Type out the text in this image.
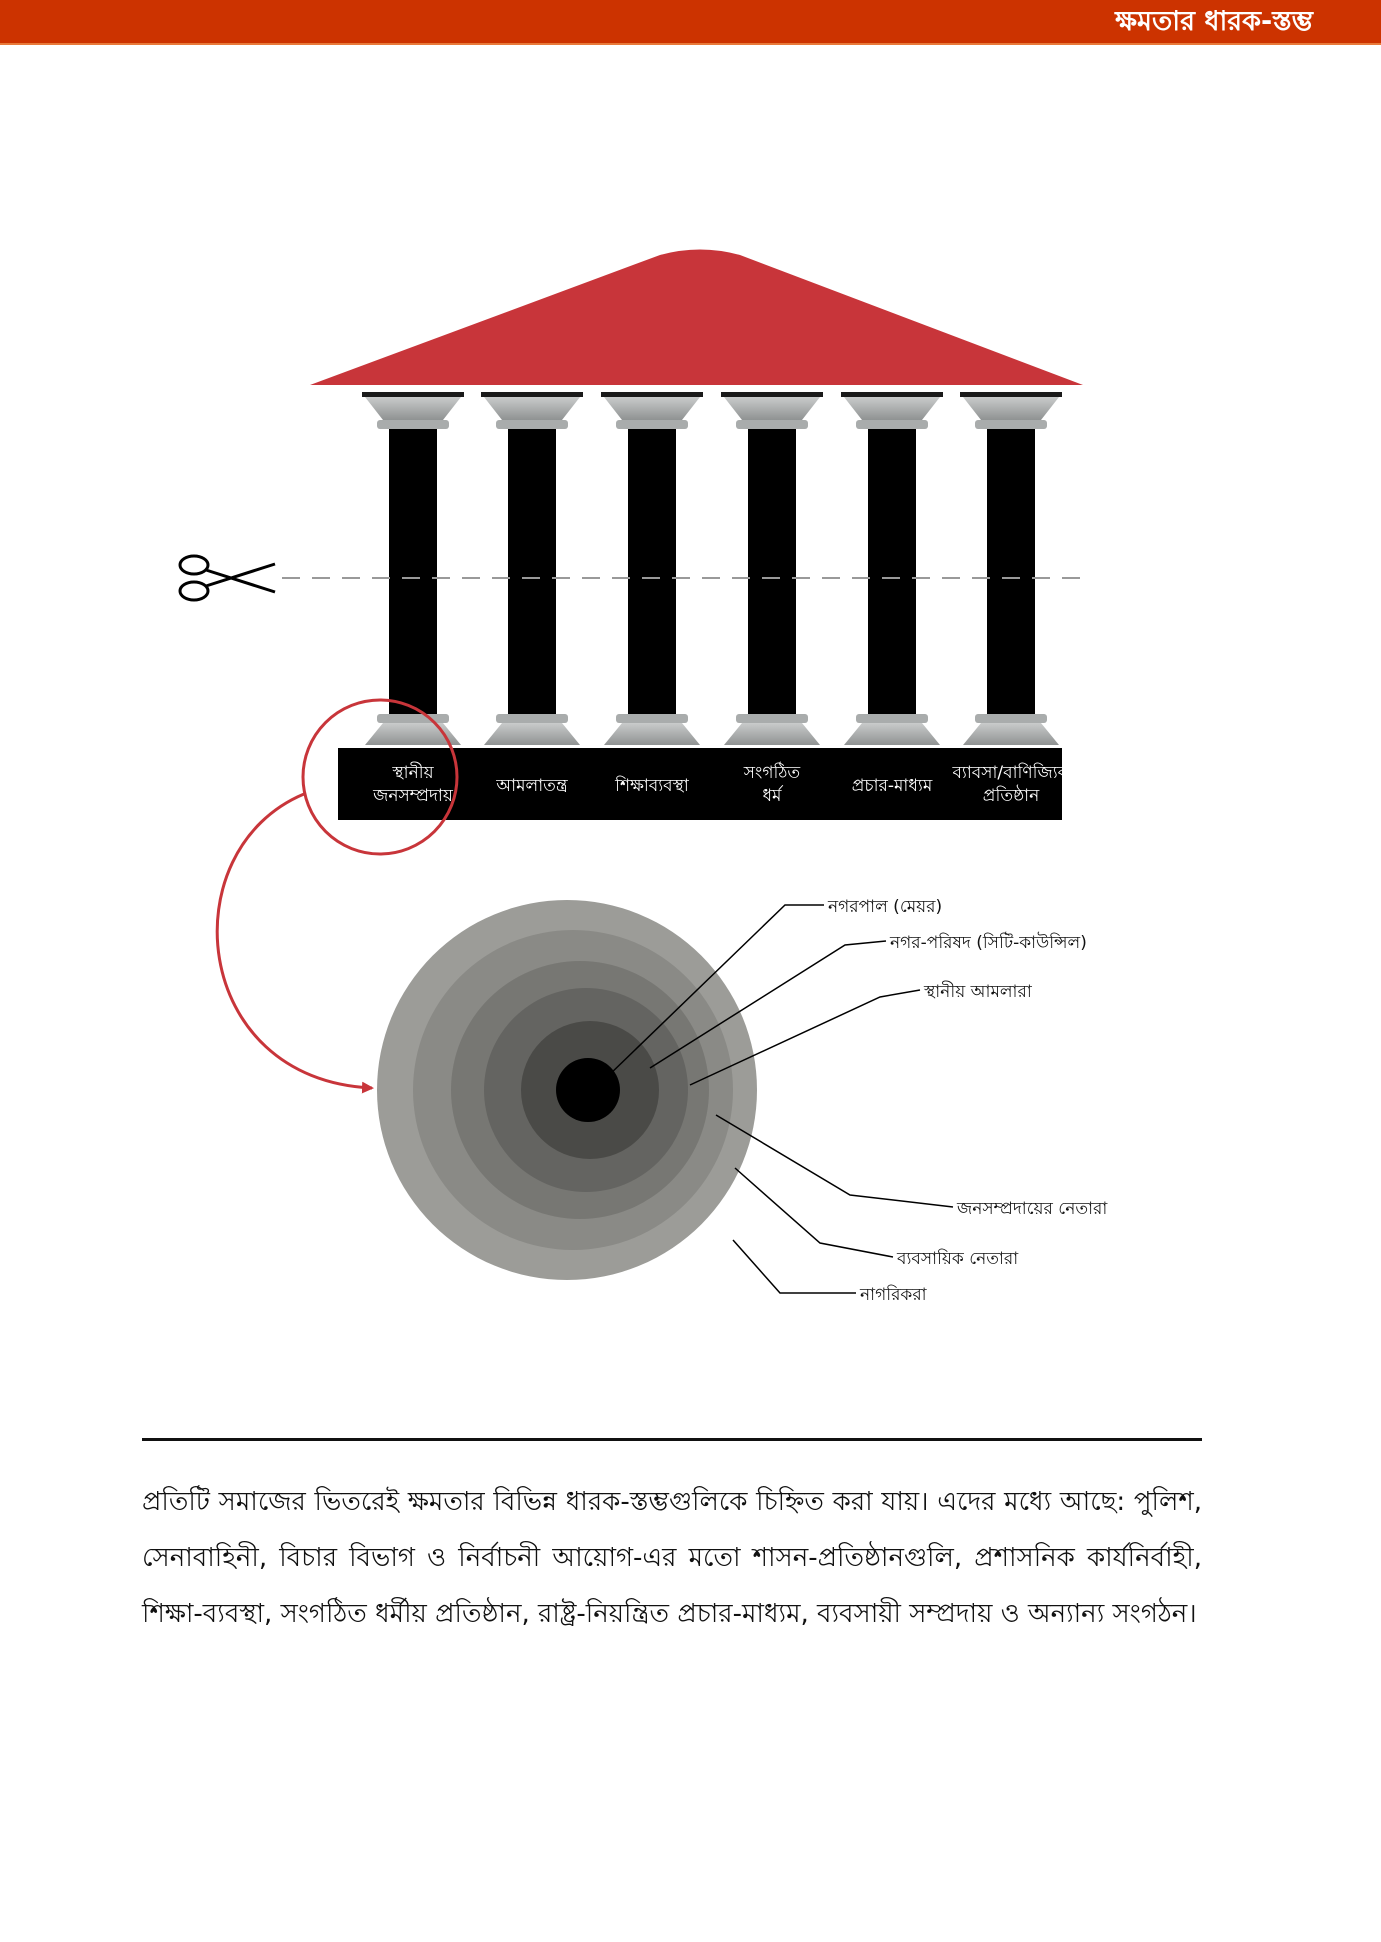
ক্ষমতার ধারক-স্তম্ভ
স্থানীয়
জনসম্প্রদায়	আমলাতন্ত্র	শিক্ষাব্যবস্থা
সংগঠিত
ধর্ম	প্রচার-মাধ্যম
ব্যাবসা/বাণিজ্যিক
প্রতিষ্ঠান
নাগরিকরা
ব্যবসায়িক নেতারা
জনসম্প্রদায়ের নেতারা
স্থানীয় আমলারা
নগর-পরিষদ (সিটি-কাউন্সিল)
নগরপাল (মেয়র)
প্রতিটি সমাজের ভিতরেই ক্ষমতার বিভিন্ন ধারক-স্তম্ভগুলিকে চিহ্নিত করা যায়। এদের মধ্যে আছে: পুলিশ, সেনাবাহিনী, বিচার বিভাগ ও নির্বাচনী আয়োগ-এর মতো শাসন-প্রতিষ্ঠানগুলি, প্রশাসনিক কার্যনির্বাহী, শিক্ষা-ব্যবস্থা, সংগঠিত ধর্মীয় প্রতিষ্ঠান, রাষ্ট্র-নিয়ন্ত্রিত প্রচার-মাধ্যম, ব্যবসায়ী সম্প্রদায় ও অন্যান্য সংগঠন।
